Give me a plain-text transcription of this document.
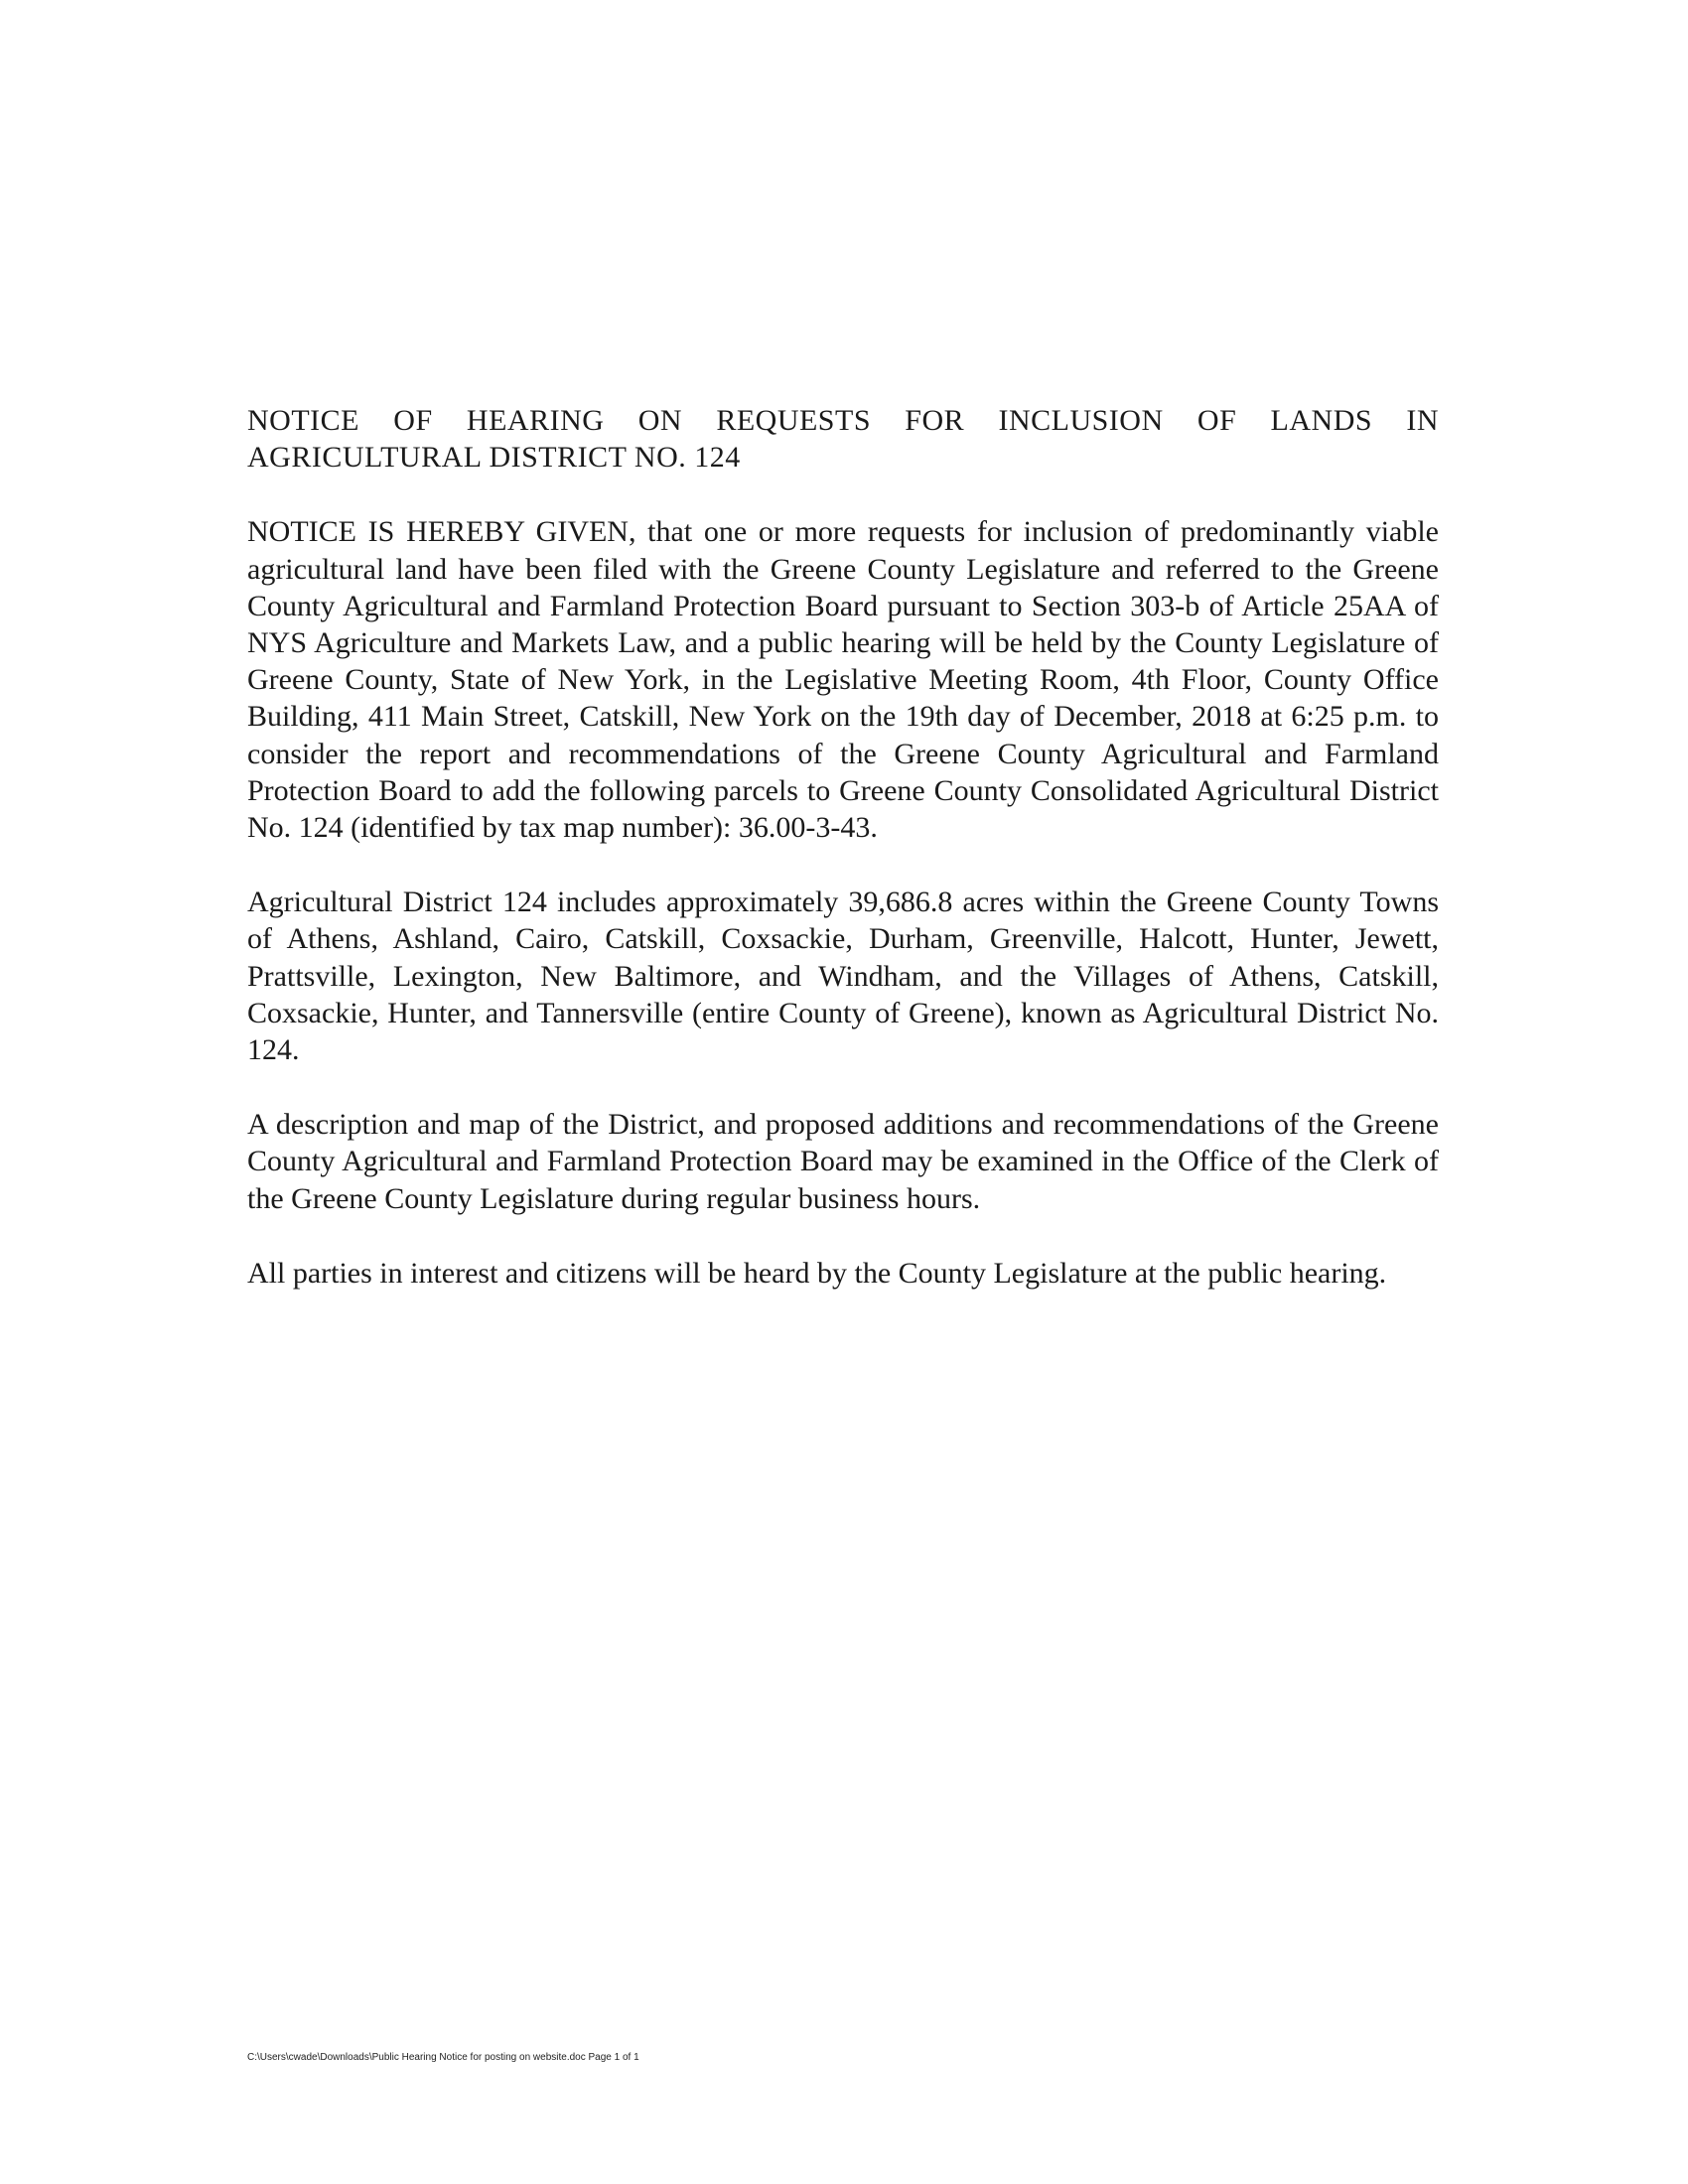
NOTICE OF HEARING ON REQUESTS FOR INCLUSION OF LANDS IN
AGRICULTURAL DISTRICT NO. 124

NOTICE IS HEREBY GIVEN, that one or more requests for inclusion of predominantly viable agricultural land have been filed with the Greene County Legislature and referred to the Greene County Agricultural and Farmland Protection Board pursuant to Section 303-b of Article 25AA of NYS Agriculture and Markets Law, and a public hearing will be held by the County Legislature of Greene County, State of New York, in the Legislative Meeting Room, 4th Floor, County Office Building, 411 Main Street, Catskill, New York on the 19th day of December, 2018 at 6:25 p.m. to consider the report and recommendations of the Greene County Agricultural and Farmland Protection Board to add the following parcels to Greene County Consolidated Agricultural District No. 124 (identified by tax map number): 36.00-3-43.

Agricultural District 124 includes approximately 39,686.8 acres within the Greene County Towns of Athens, Ashland, Cairo, Catskill, Coxsackie, Durham, Greenville, Halcott, Hunter, Jewett, Prattsville, Lexington, New Baltimore, and Windham, and the Villages of Athens, Catskill, Coxsackie, Hunter, and Tannersville (entire County of Greene), known as Agricultural District No. 124.

A description and map of the District, and proposed additions and recommendations of the Greene County Agricultural and Farmland Protection Board may be examined in the Office of the Clerk of the Greene County Legislature during regular business hours.

All parties in interest and citizens will be heard by the County Legislature at the public hearing.

C:\Users\cwade\Downloads\Public Hearing Notice for posting on website.doc Page 1 of 1
